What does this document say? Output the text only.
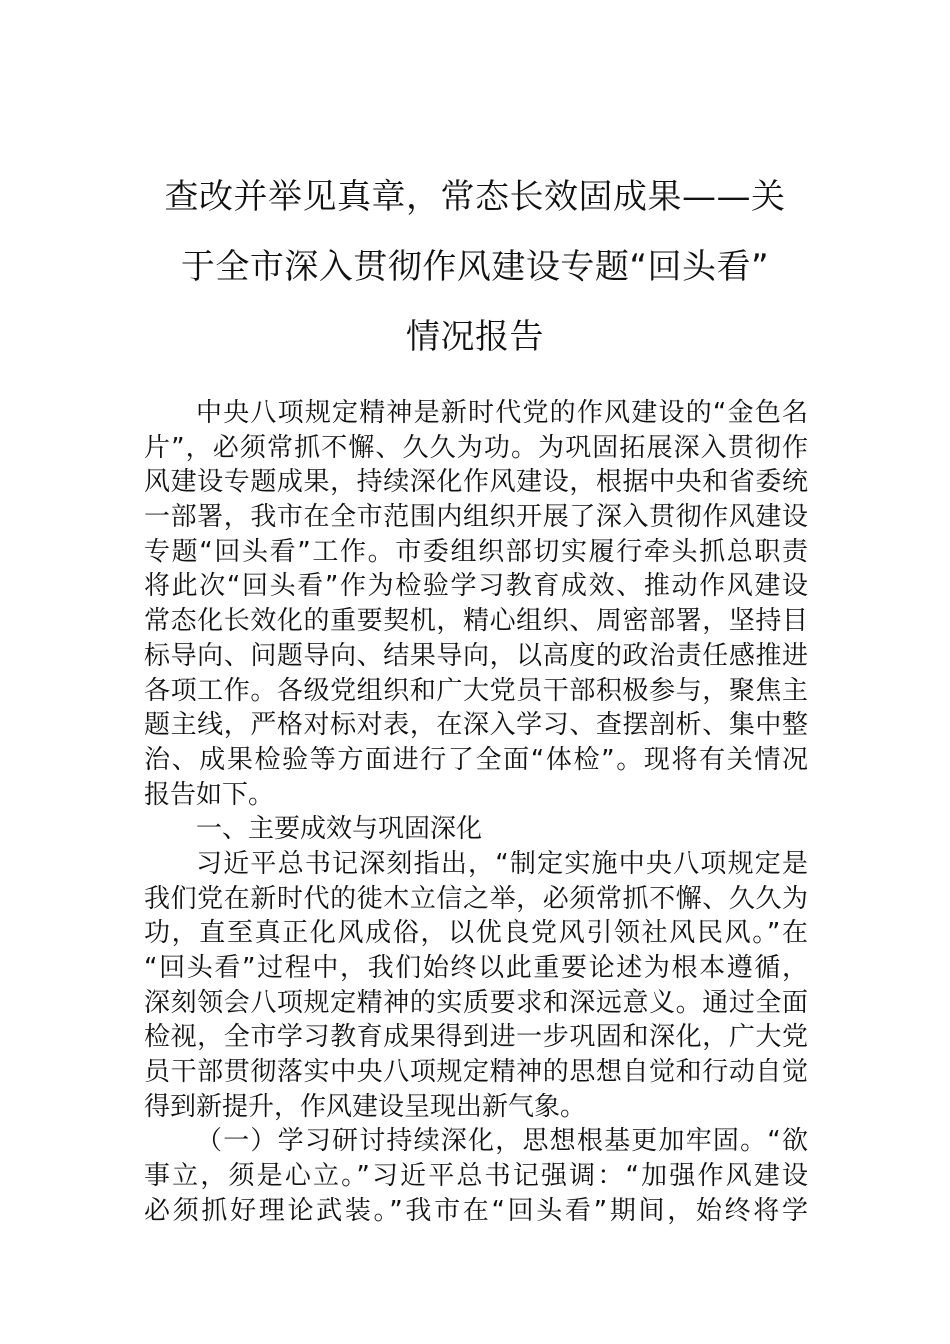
查改并举见真章，常态长效固成果——关
于全市深入贯彻作风建设专题“回头看”
情况报告
中央八项规定精神是新时代党的作风建设的“金色名
片”，必须常抓不懈、久久为功。为巩固拓展深入贯彻作
风建设专题成果，持续深化作风建设，根据中央和省委统
一部署，我市在全市范围内组织开展了深入贯彻作风建设
专题“回头看”工作。市委组织部切实履行牵头抓总职责
将此次“回头看”作为检验学习教育成效、推动作风建设
常态化长效化的重要契机，精心组织、周密部署，坚持目
标导向、问题导向、结果导向，以高度的政治责任感推进
各项工作。各级党组织和广大党员干部积极参与，聚焦主
题主线，严格对标对表，在深入学习、查摆剖析、集中整
治、成果检验等方面进行了全面“体检”。现将有关情况
报告如下。
一、主要成效与巩固深化
习近平总书记深刻指出，“制定实施中央八项规定是
我们党在新时代的徙木立信之举，必须常抓不懈、久久为
功，直至真正化风成俗，以优良党风引领社风民风。”在
“回头看”过程中，我们始终以此重要论述为根本遵循，
深刻领会八项规定精神的实质要求和深远意义。通过全面
检视，全市学习教育成果得到进一步巩固和深化，广大党
员干部贯彻落实中央八项规定精神的思想自觉和行动自觉
得到新提升，作风建设呈现出新气象。
（一）学习研讨持续深化，思想根基更加牢固。“欲
事立，须是心立。”习近平总书记强调：“加强作风建设
必须抓好理论武装。”我市在“回头看”期间，始终将学
